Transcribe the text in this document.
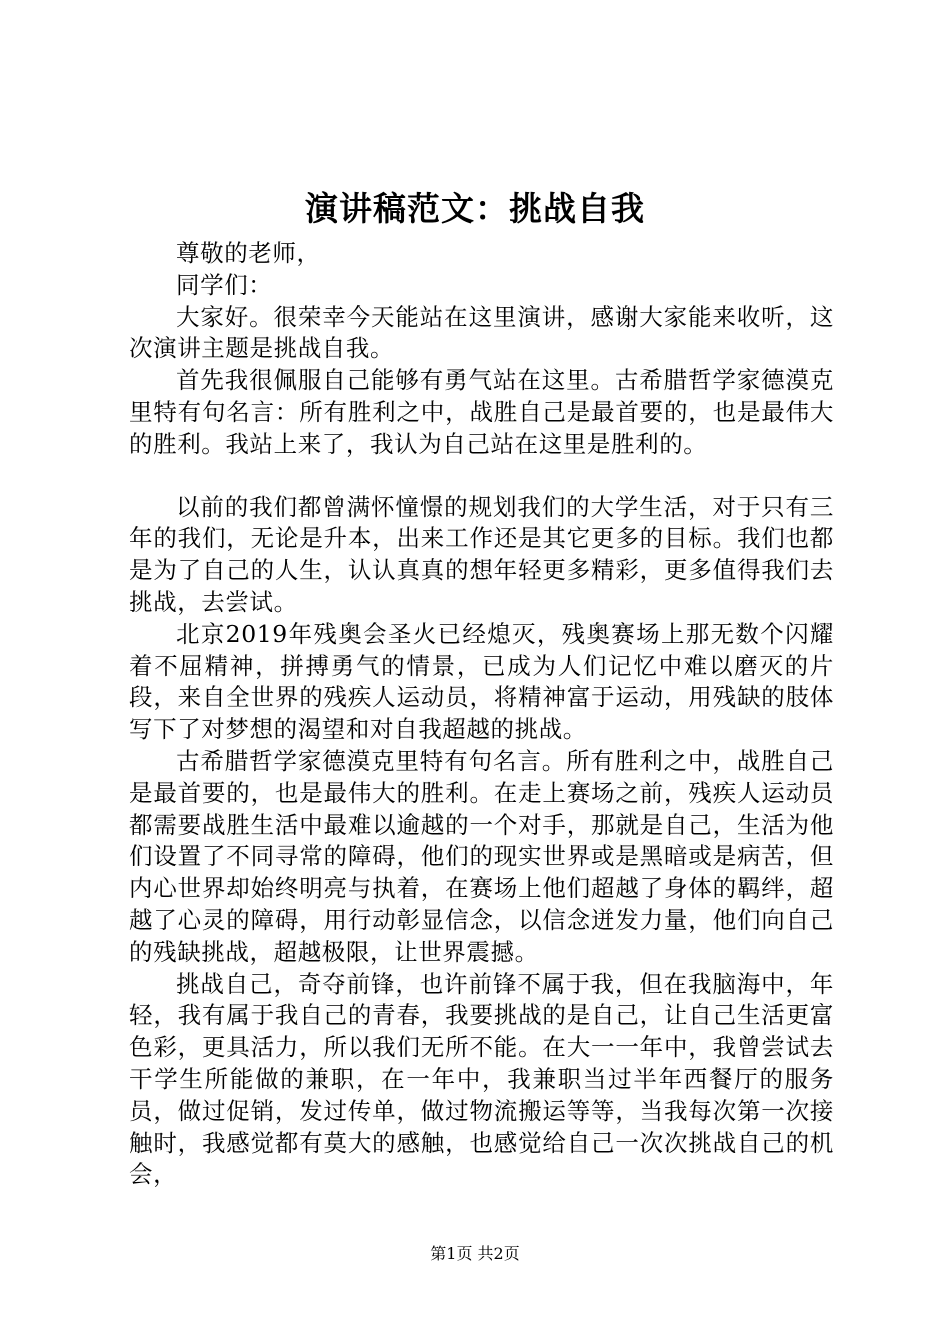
演讲稿范文：挑战自我

尊敬的老师，

同学们：

大家好。很荣幸今天能站在这里演讲，感谢大家能来收听，这次演讲主题是挑战自我。

首先我很佩服自己能够有勇气站在这里。古希腊哲学家德漠克里特有句名言：所有胜利之中，战胜自己是最首要的，也是最伟大的胜利。我站上来了，我认为自己站在这里是胜利的。

以前的我们都曾满怀憧憬的规划我们的大学生活，对于只有三年的我们，无论是升本，出来工作还是其它更多的目标。我们也都是为了自己的人生，认认真真的想年轻更多精彩，更多值得我们去挑战，去尝试。

北京2019年残奥会圣火已经熄灭，残奥赛场上那无数个闪耀着不屈精神，拼搏勇气的情景，已成为人们记忆中难以磨灭的片段，来自全世界的残疾人运动员，将精神富于运动，用残缺的肢体写下了对梦想的渴望和对自我超越的挑战。

古希腊哲学家德漠克里特有句名言。所有胜利之中，战胜自己是最首要的，也是最伟大的胜利。在走上赛场之前，残疾人运动员都需要战胜生活中最难以逾越的一个对手，那就是自己，生活为他们设置了不同寻常的障碍，他们的现实世界或是黑暗或是病苦，但内心世界却始终明亮与执着，在赛场上他们超越了身体的羁绊，超越了心灵的障碍，用行动彰显信念，以信念迸发力量，他们向自己的残缺挑战，超越极限，让世界震撼。

挑战自己，奇夺前锋，也许前锋不属于我，但在我脑海中，年轻，我有属于我自己的青春，我要挑战的是自己，让自己生活更富色彩，更具活力，所以我们无所不能。在大一一年中，我曾尝试去干学生所能做的兼职，在一年中，我兼职当过半年西餐厅的服务员，做过促销，发过传单，做过物流搬运等等，当我每次第一次接触时，我感觉都有莫大的感触，也感觉给自己一次次挑战自己的机会，

第1页 共2页
